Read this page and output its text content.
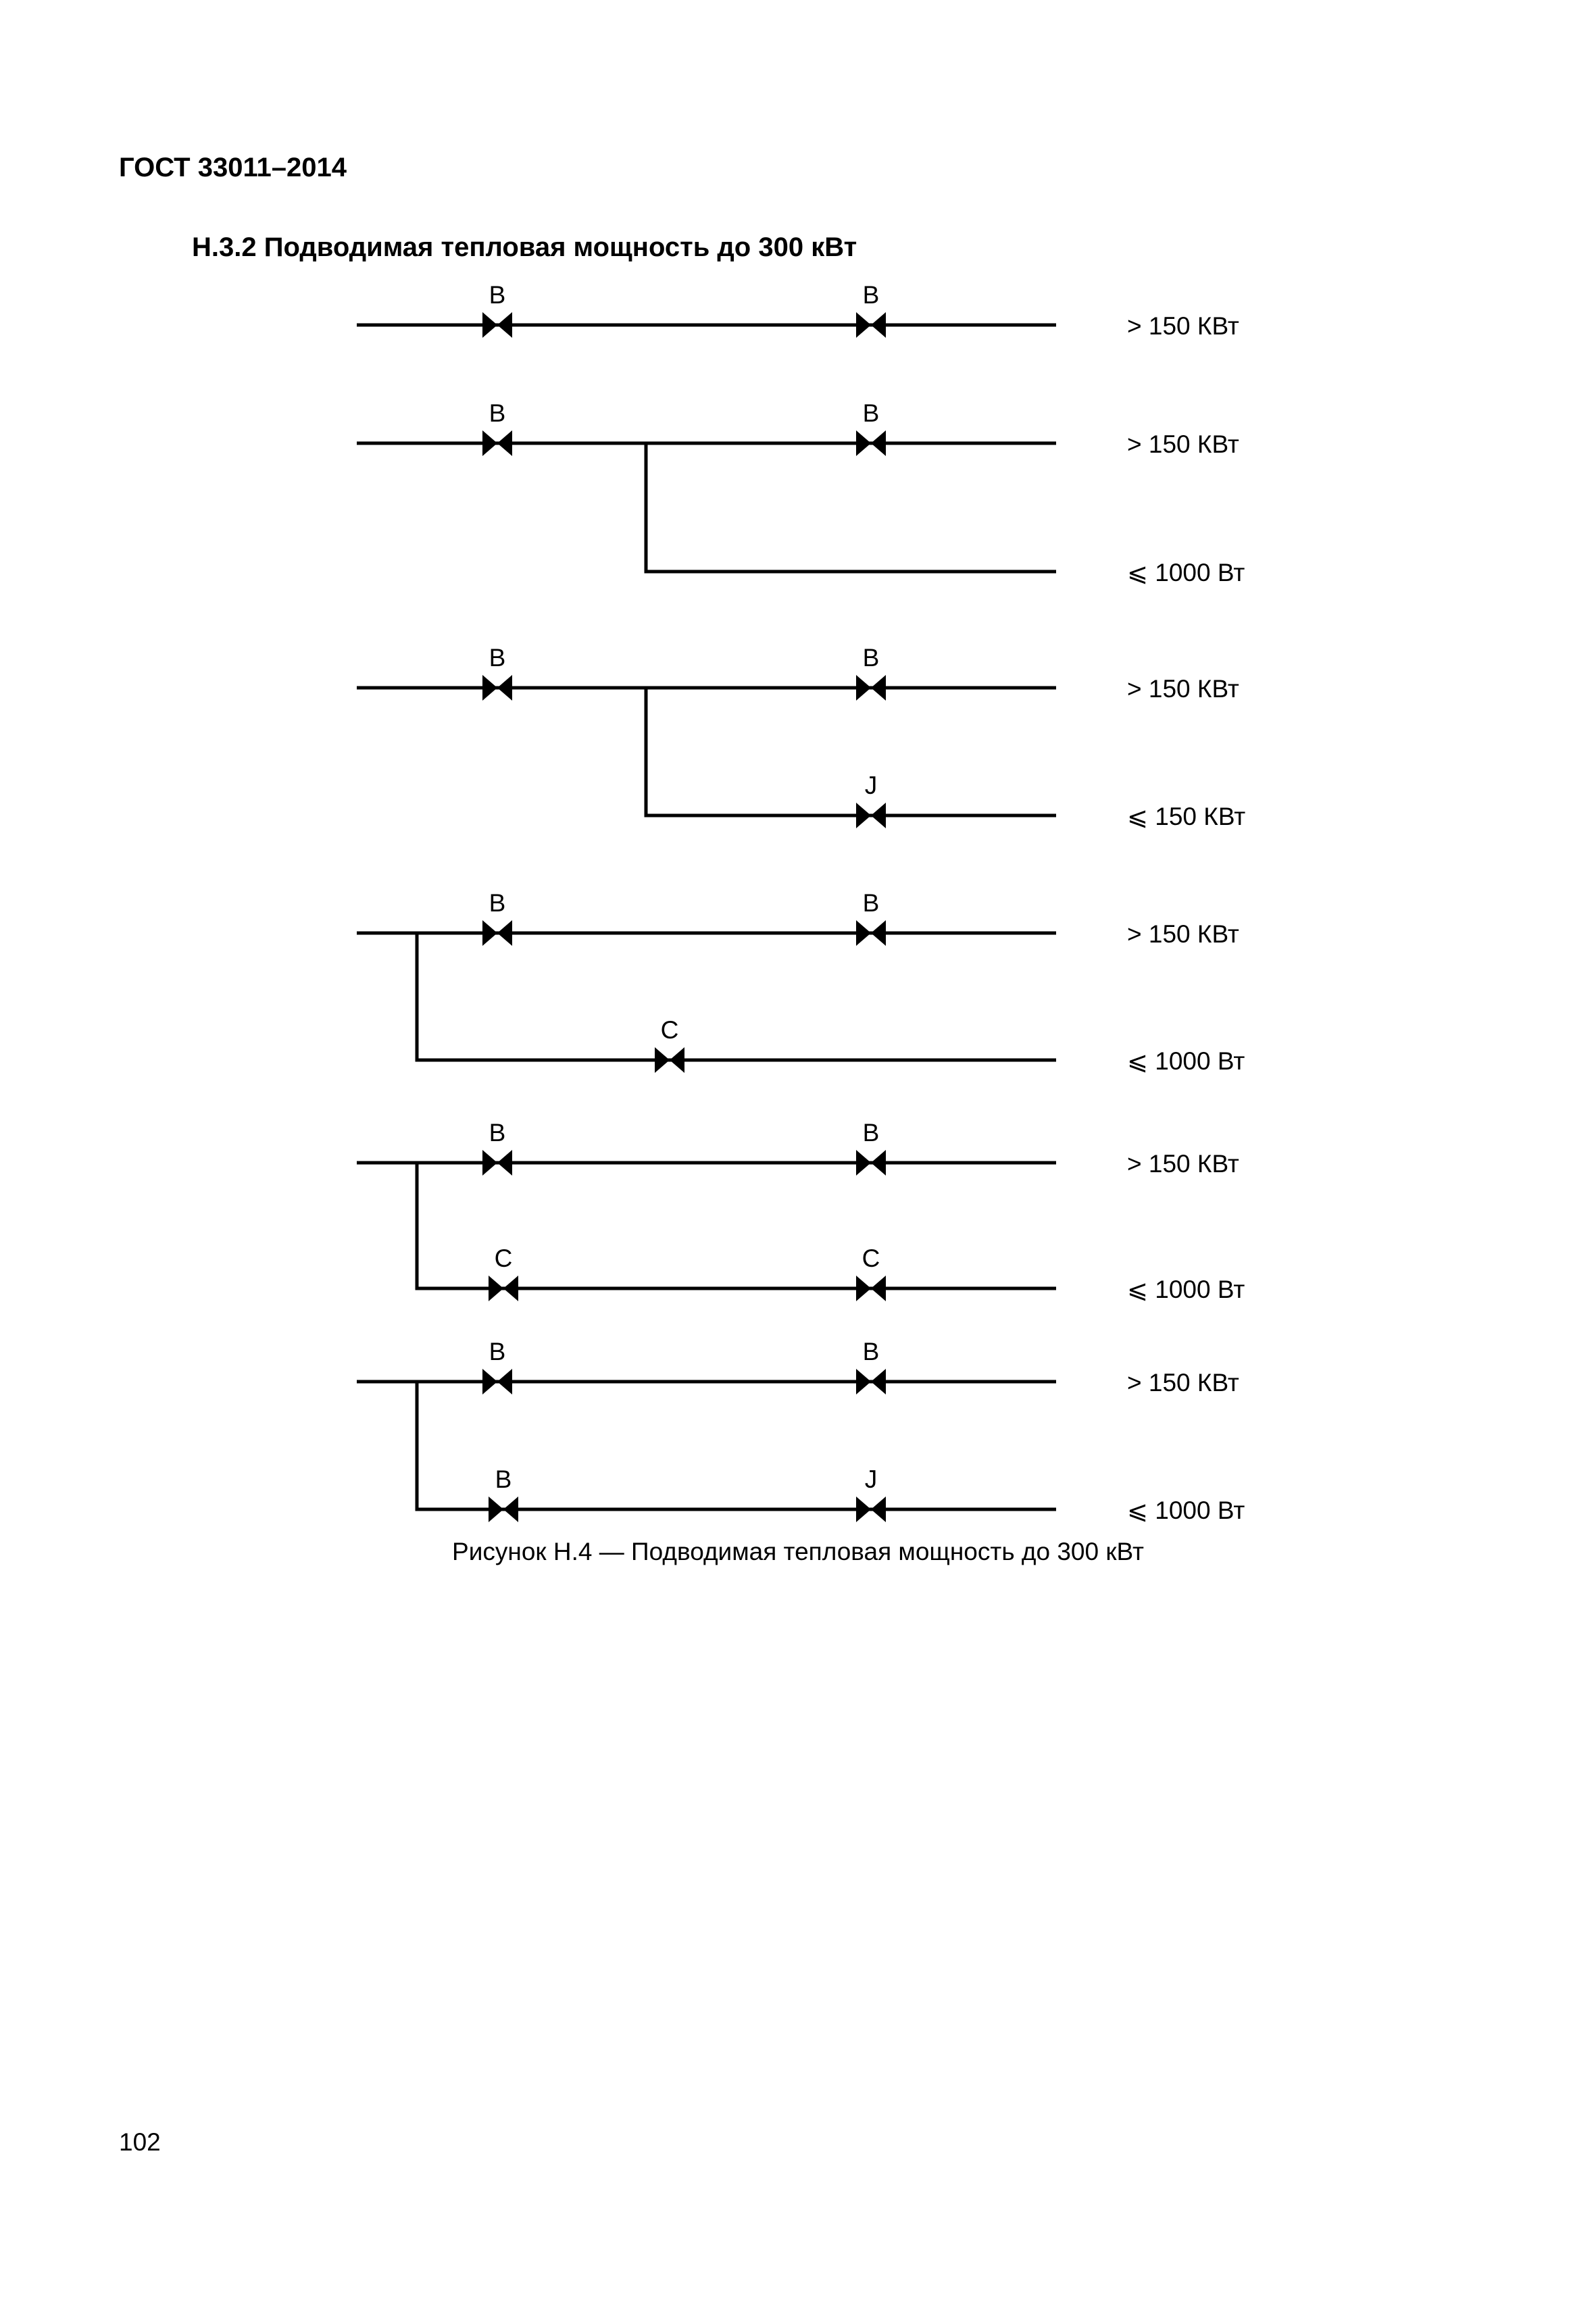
ГОСТ 33011–2014
Н.3.2 Подводимая тепловая мощность до 300 кВт
> 150 КВт
B	B
> 150 КВт
B	B
⩽ 1000 Вт
> 150 КВт
B	B
⩽ 150 КВт
J
> 150 КВт
B	B
⩽ 1000 Вт
C
> 150 КВт
B	B
⩽ 1000 Вт
C	C
> 150 КВт
B	B
⩽ 1000 Вт
B	J
Рисунок Н.4 — Подводимая тепловая мощность до 300 кВт
102
